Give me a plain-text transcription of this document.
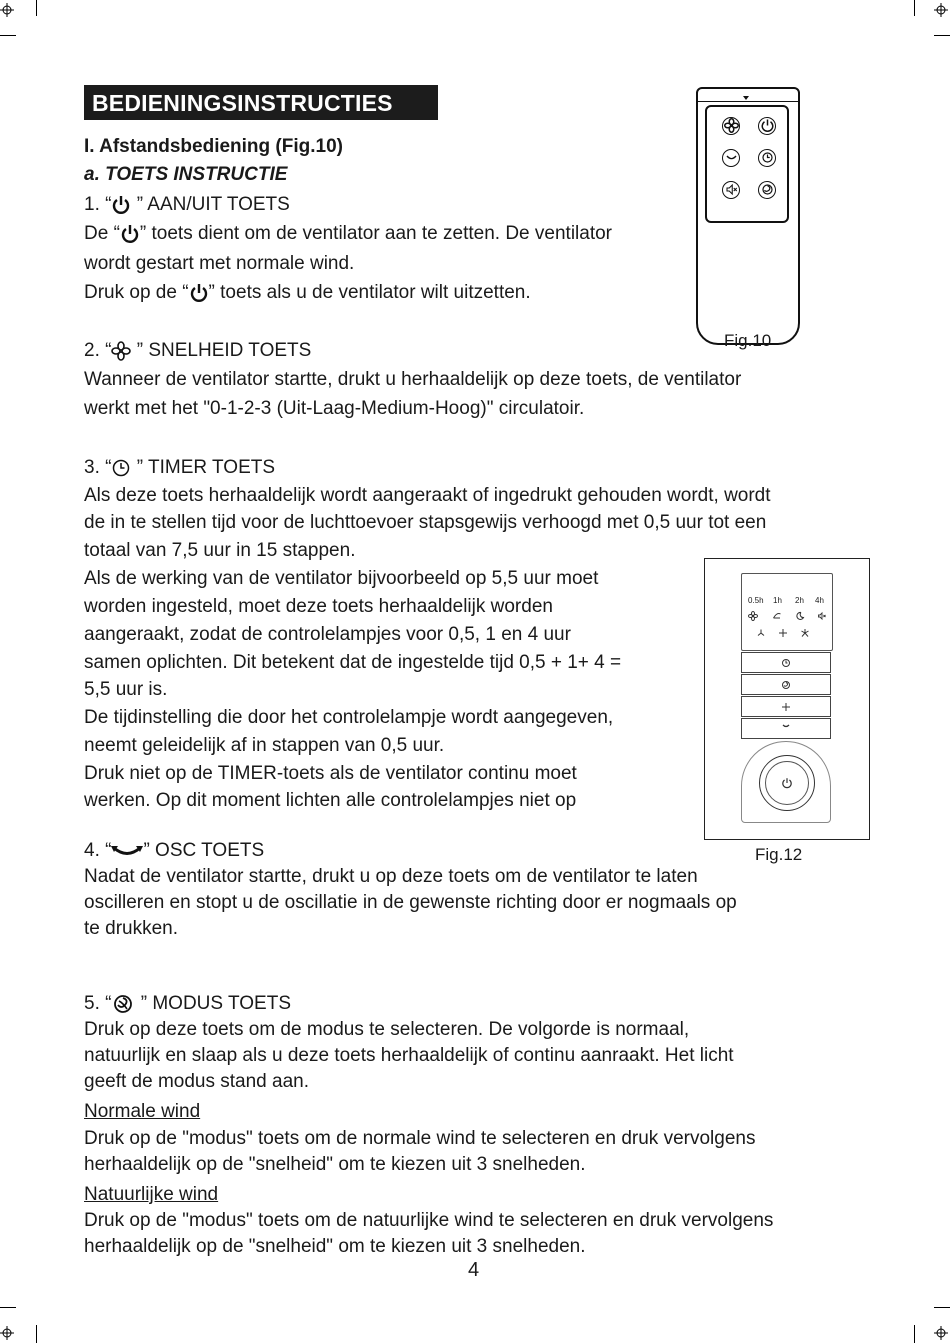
BEDIENINGSINSTRUCTIES
I. Afstandsbediening (Fig.10)
a. TOETS INSTRUCTIE
1. “ ” AAN/UIT TOETS
De “ ” toets dient om de ventilator aan te zetten. De ventilator
wordt gestart met normale wind.
Druk op de “ ” toets als u de ventilator wilt uitzetten.
2. “ ” SNELHEID TOETS
Wanneer de ventilator startte, drukt u herhaaldelijk op deze toets, de ventilator
werkt met het "0-1-2-3 (Uit-Laag-Medium-Hoog)" circulatoir.
3. “ ” TIMER TOETS
Als deze toets herhaaldelijk wordt aangeraakt of ingedrukt gehouden wordt, wordt
de in te stellen tijd voor de luchttoevoer stapsgewijs verhoogd met 0,5 uur tot een
totaal van 7,5 uur in 15 stappen.
Als de werking van de ventilator bijvoorbeeld op 5,5 uur moet
worden ingesteld, moet deze toets herhaaldelijk worden
aangeraakt, zodat de controlelampjes voor 0,5, 1 en 4 uur
samen oplichten. Dit betekent dat de ingestelde tijd 0,5 + 1+ 4 =
5,5 uur is.
De tijdinstelling die door het controlelampje wordt aangegeven,
neemt geleidelijk af in stappen van 0,5 uur.
Druk niet op de TIMER-toets als de ventilator continu moet
werken. Op dit moment lichten alle controlelampjes niet op
4. “ ” OSC TOETS
Nadat de ventilator startte, drukt u op deze toets om de ventilator te laten
oscilleren en stopt u de oscillatie in de gewenste richting door er nogmaals op
te drukken.
5. “ ” MODUS TOETS
Druk op deze toets om de modus te selecteren. De volgorde is normaal,
natuurlijk en slaap als u deze toets herhaaldelijk of continu aanraakt. Het licht
geeft de modus stand aan.
Normale wind
Druk op de "modus" toets om de normale wind te selecteren en druk vervolgens
herhaaldelijk op de "snelheid" om te kiezen uit 3 snelheden.
Natuurlijke wind
Druk op de "modus" toets om de natuurlijke wind te selecteren en druk vervolgens
herhaaldelijk op de "snelheid" om te kiezen uit 3 snelheden.
4
Fig.10
0.5h 1h 2h 4h
Fig.12
